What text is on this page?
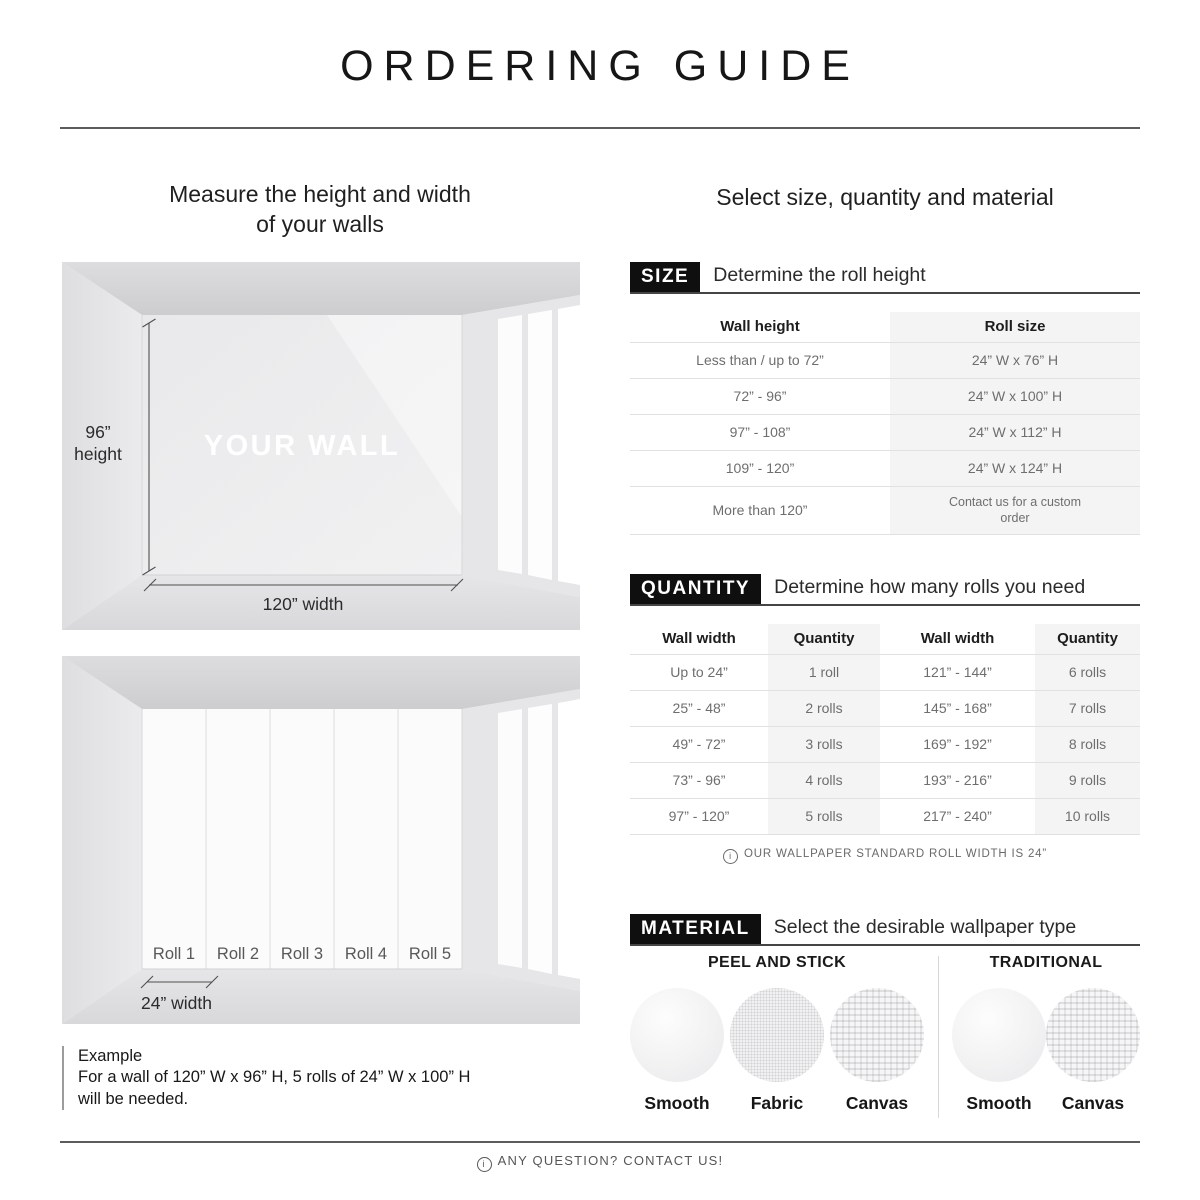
ORDERING GUIDE
Measure the height and width
of your walls
96”
height	YOUR WALL
120” width
Roll 1 Roll 2 Roll 3 Roll 4 Roll 5
24” width
Example
For a wall of 120” W x 96” H, 5 rolls of 24” W x 100” H
will be needed.
Select size, quantity and material
SIZE	Determine the roll height
Wall height	Roll size
Less than / up to 72”	24” W x 76” H
72” - 96”	24” W x 100” H
97” - 108”	24” W x 112” H
109” - 120”	24” W x 124” H
More than 120”	Contact us for a custom order
QUANTITY	Determine how many rolls you need
Wall width	Quantity	Wall width	Quantity
Up to 24”	1 roll	121” - 144”	6 rolls
25” - 48”	2 rolls	145” - 168”	7 rolls
49” - 72”	3 rolls	169” - 192”	8 rolls
73” - 96”	4 rolls	193” - 216”	9 rolls
97” - 120”	5 rolls	217” - 240”	10 rolls
iOUR WALLPAPER STANDARD ROLL WIDTH IS 24”
MATERIAL	Select the desirable wallpaper type
PEEL AND STICK
Smooth	Fabric	Canvas
TRADITIONAL
Smooth	Canvas
iANY QUESTION? CONTACT US!
